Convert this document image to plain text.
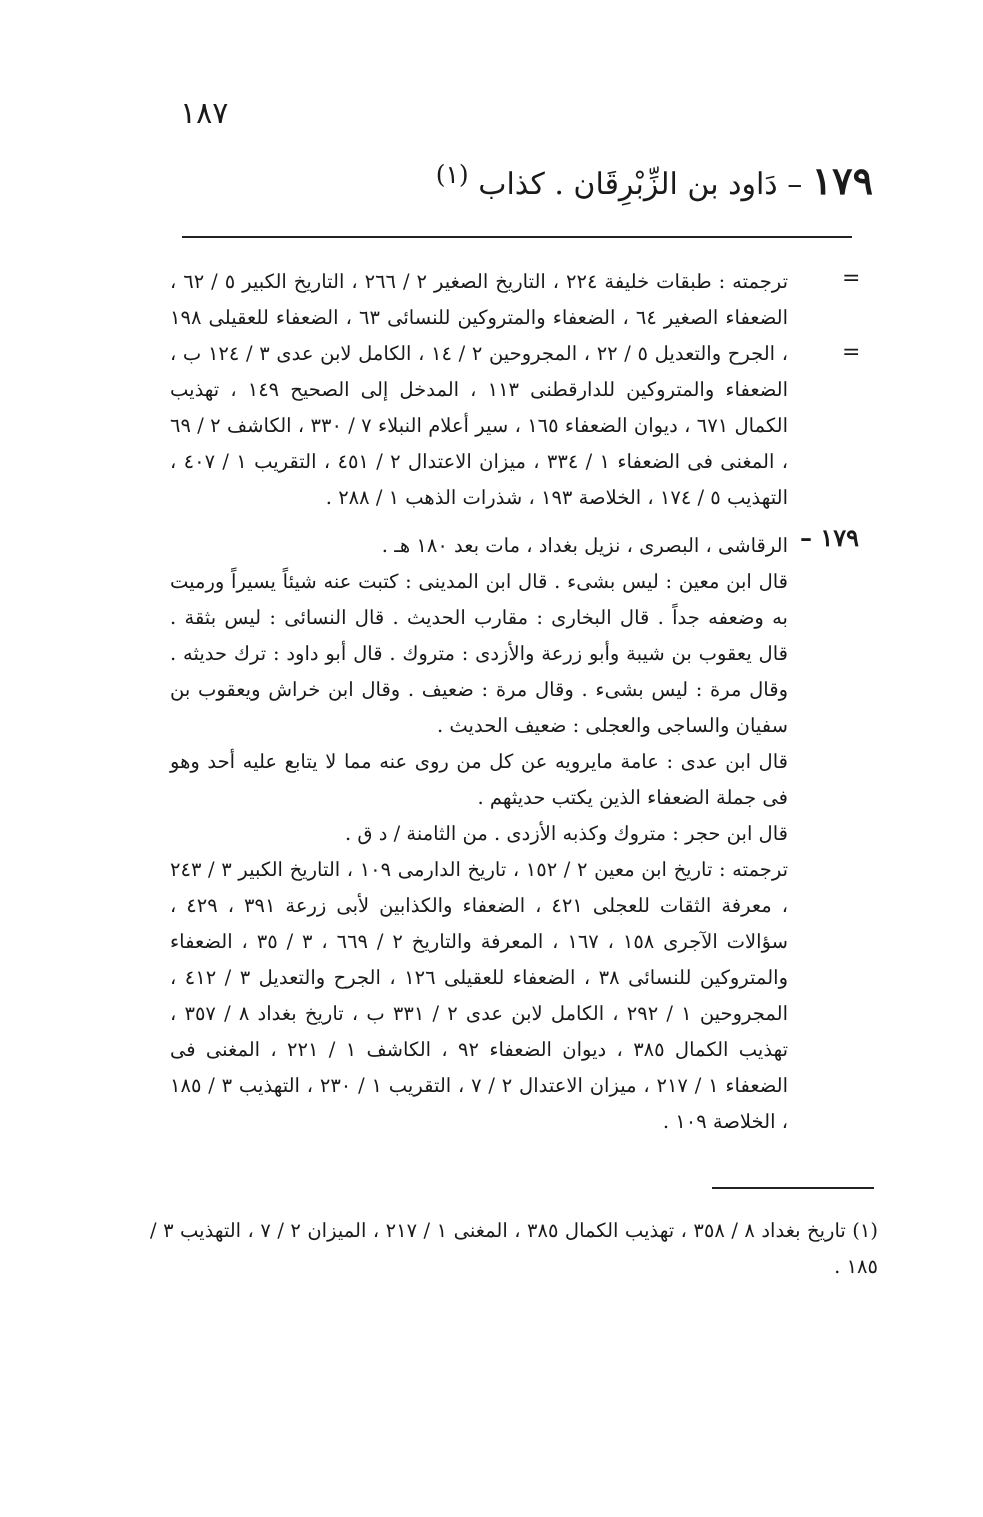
١٨٧
١٧٩ – دَاود بن الزِّبْرِقَان . كذاب $^{(١)}$
=
=

ترجمته : طبقات خليفة ٢٢٤ ، التاريخ الصغير ٢ / ٢٦٦ ، التاريخ الكبير ٥ / ٦٢ ، الضعفاء الصغير ٦٤ ، الضعفاء والمتروكين للنسائى ٦٣ ، الضعفاء للعقيلى ١٩٨ ، الجرح والتعديل ٥ / ٢٢ ، المجروحين ٢ / ١٤ ، الكامل لابن عدى ٣ / ١٢٤ ب ، الضعفاء والمتروكين للدارقطنى ١١٣ ، المدخل إلى الصحيح ١٤٩ ، تهذيب الكمال ٦٧١ ، ديوان الضعفاء ١٦٥ ، سير أعلام النبلاء ٧ / ٣٣٠ ، الكاشف ٢ / ٦٩ ، المغنى فى الضعفاء ١ / ٣٣٤ ، ميزان الاعتدال ٢ / ٤٥١ ، التقريب ١ / ٤٠٧ ، التهذيب ٥ / ١٧٤ ، الخلاصة ١٩٣ ، شذرات الذهب ١ / ٢٨٨ .

١٧٩ –

الرقاشى ، البصرى ، نزيل بغداد ، مات بعد ١٨٠ هـ .

قال ابن معين : ليس بشىء . قال ابن المدينى : كتبت عنه شيئاً يسيراً ورميت به وضعفه جداً . قال البخارى : مقارب الحديث . قال النسائى : ليس بثقة . قال يعقوب بن شيبة وأبو زرعة والأزدى : متروك . قال أبو داود : ترك حديثه . وقال مرة : ليس بشىء . وقال مرة : ضعيف . وقال ابن خراش ويعقوب بن سفيان والساجى والعجلى : ضعيف الحديث .

قال ابن عدى : عامة مايرويه عن كل من روى عنه مما لا يتابع عليه أحد وهو فى جملة الضعفاء الذين يكتب حديثهم .

قال ابن حجر : متروك وكذبه الأزدى . من الثامنة / د ق .

ترجمته : تاريخ ابن معين ٢ / ١٥٢ ، تاريخ الدارمى ١٠٩ ، التاريخ الكبير ٣ / ٢٤٣ ، معرفة الثقات للعجلى ٤٢١ ، الضعفاء والكذابين لأبى زرعة ٣٩١ ، ٤٢٩ ، سؤالات الآجرى ١٥٨ ، ١٦٧ ، المعرفة والتاريخ ٢ / ٦٦٩ ، ٣ / ٣٥ ، الضعفاء والمتروكين للنسائى ٣٨ ، الضعفاء للعقيلى ١٢٦ ، الجرح والتعديل ٣ / ٤١٢ ، المجروحين ١ / ٢٩٢ ، الكامل لابن عدى ٢ / ٣٣١ ب ، تاريخ بغداد ٨ / ٣٥٧ ، تهذيب الكمال ٣٨٥ ، ديوان الضعفاء ٩٢ ، الكاشف ١ / ٢٢١ ، المغنى فى الضعفاء ١ / ٢١٧ ، ميزان الاعتدال ٢ / ٧ ، التقريب ١ / ٢٣٠ ، التهذيب ٣ / ١٨٥ ، الخلاصة ١٠٩ .

(١) تاريخ بغداد ٨ / ٣٥٨ ، تهذيب الكمال ٣٨٥ ، المغنى ١ / ٢١٧ ، الميزان ٢ / ٧ ، التهذيب ٣ / ١٨٥ .
